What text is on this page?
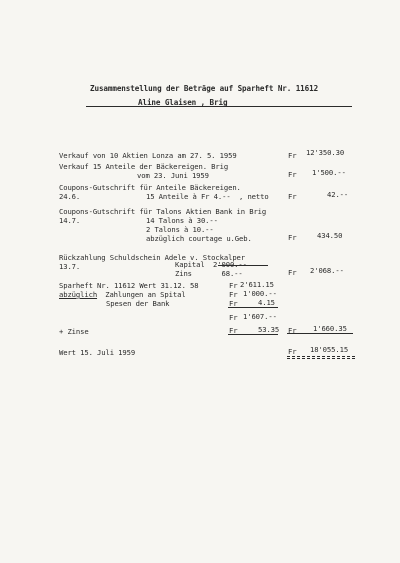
Zusammenstellung der Beträge auf Sparheft Nr. 11612
Aline Glaisen , Brig
Verkauf von 10 Aktien Lonza am 27. 5. 1959	Fr 12'350.30
Verkauf 15 Anteile der Bäckereigen. Brig
vom 23. Juni 1959	Fr 1'500.--
Coupons-Gutschrift für Anteile Bäckereigen.
24.6.	15 Anteile à Fr 4.--  , netto	Fr	42.--
Coupons-Gutschrift für Talons Aktien Bank in Brig
14.7.	14 Talons à 30.--
2 Talons à 10.--
abzüglich courtage u.Geb.	Fr	434.50
Rückzahlung Schuldschein Adele v. Stockalper
13.7.	Kapital  2'000.--
Zins       68.--	Fr 2'068.--
Sparheft Nr. 11612 Wert 31.12. 58	Fr 2'611.15
abzüglich Zahlungen an Spital	Fr 1'000.--
Spesen der Bank	Fr	4.15
Fr 1'607.--
+ Zinse	Fr	53.35 Fr 1'660.35
Wert 15. Juli 1959	Fr 18'055.15
